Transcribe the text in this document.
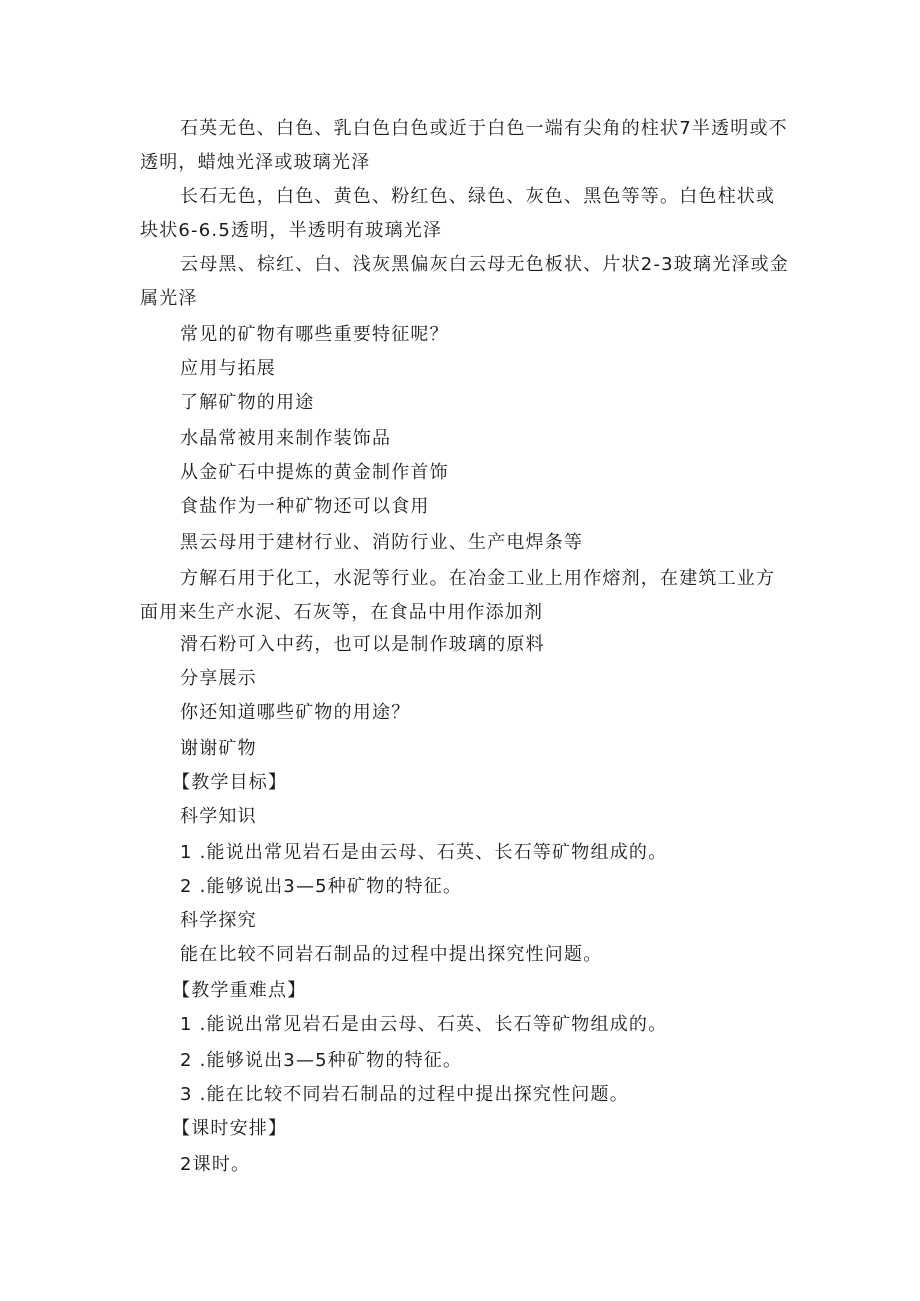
石英无色、白色、乳白色白色或近于白色一端有尖角的柱状7半透明或不透明，蜡烛光泽或玻璃光泽
长石无色，白色、黄色、粉红色、绿色、灰色、黑色等等。白色柱状或块状6-6.5透明，半透明有玻璃光泽
云母黑、棕红、白、浅灰黑偏灰白云母无色板状、片状2-3玻璃光泽或金属光泽
常见的矿物有哪些重要特征呢？
应用与拓展
了解矿物的用途
水晶常被用来制作装饰品
从金矿石中提炼的黄金制作首饰
食盐作为一种矿物还可以食用
黑云母用于建材行业、消防行业、生产电焊条等
方解石用于化工，水泥等行业。在冶金工业上用作熔剂，在建筑工业方面用来生产水泥、石灰等，在食品中用作添加剂
滑石粉可入中药，也可以是制作玻璃的原料
分享展示
你还知道哪些矿物的用途？
谢谢矿物
【教学目标】
科学知识
1 .能说出常见岩石是由云母、石英、长石等矿物组成的。
2 .能够说出3—5种矿物的特征。
科学探究
能在比较不同岩石制品的过程中提出探究性问题。
【教学重难点】
1 .能说出常见岩石是由云母、石英、长石等矿物组成的。
2 .能够说出3—5种矿物的特征。
3 .能在比较不同岩石制品的过程中提出探究性问题。
【课时安排】
2课时。
